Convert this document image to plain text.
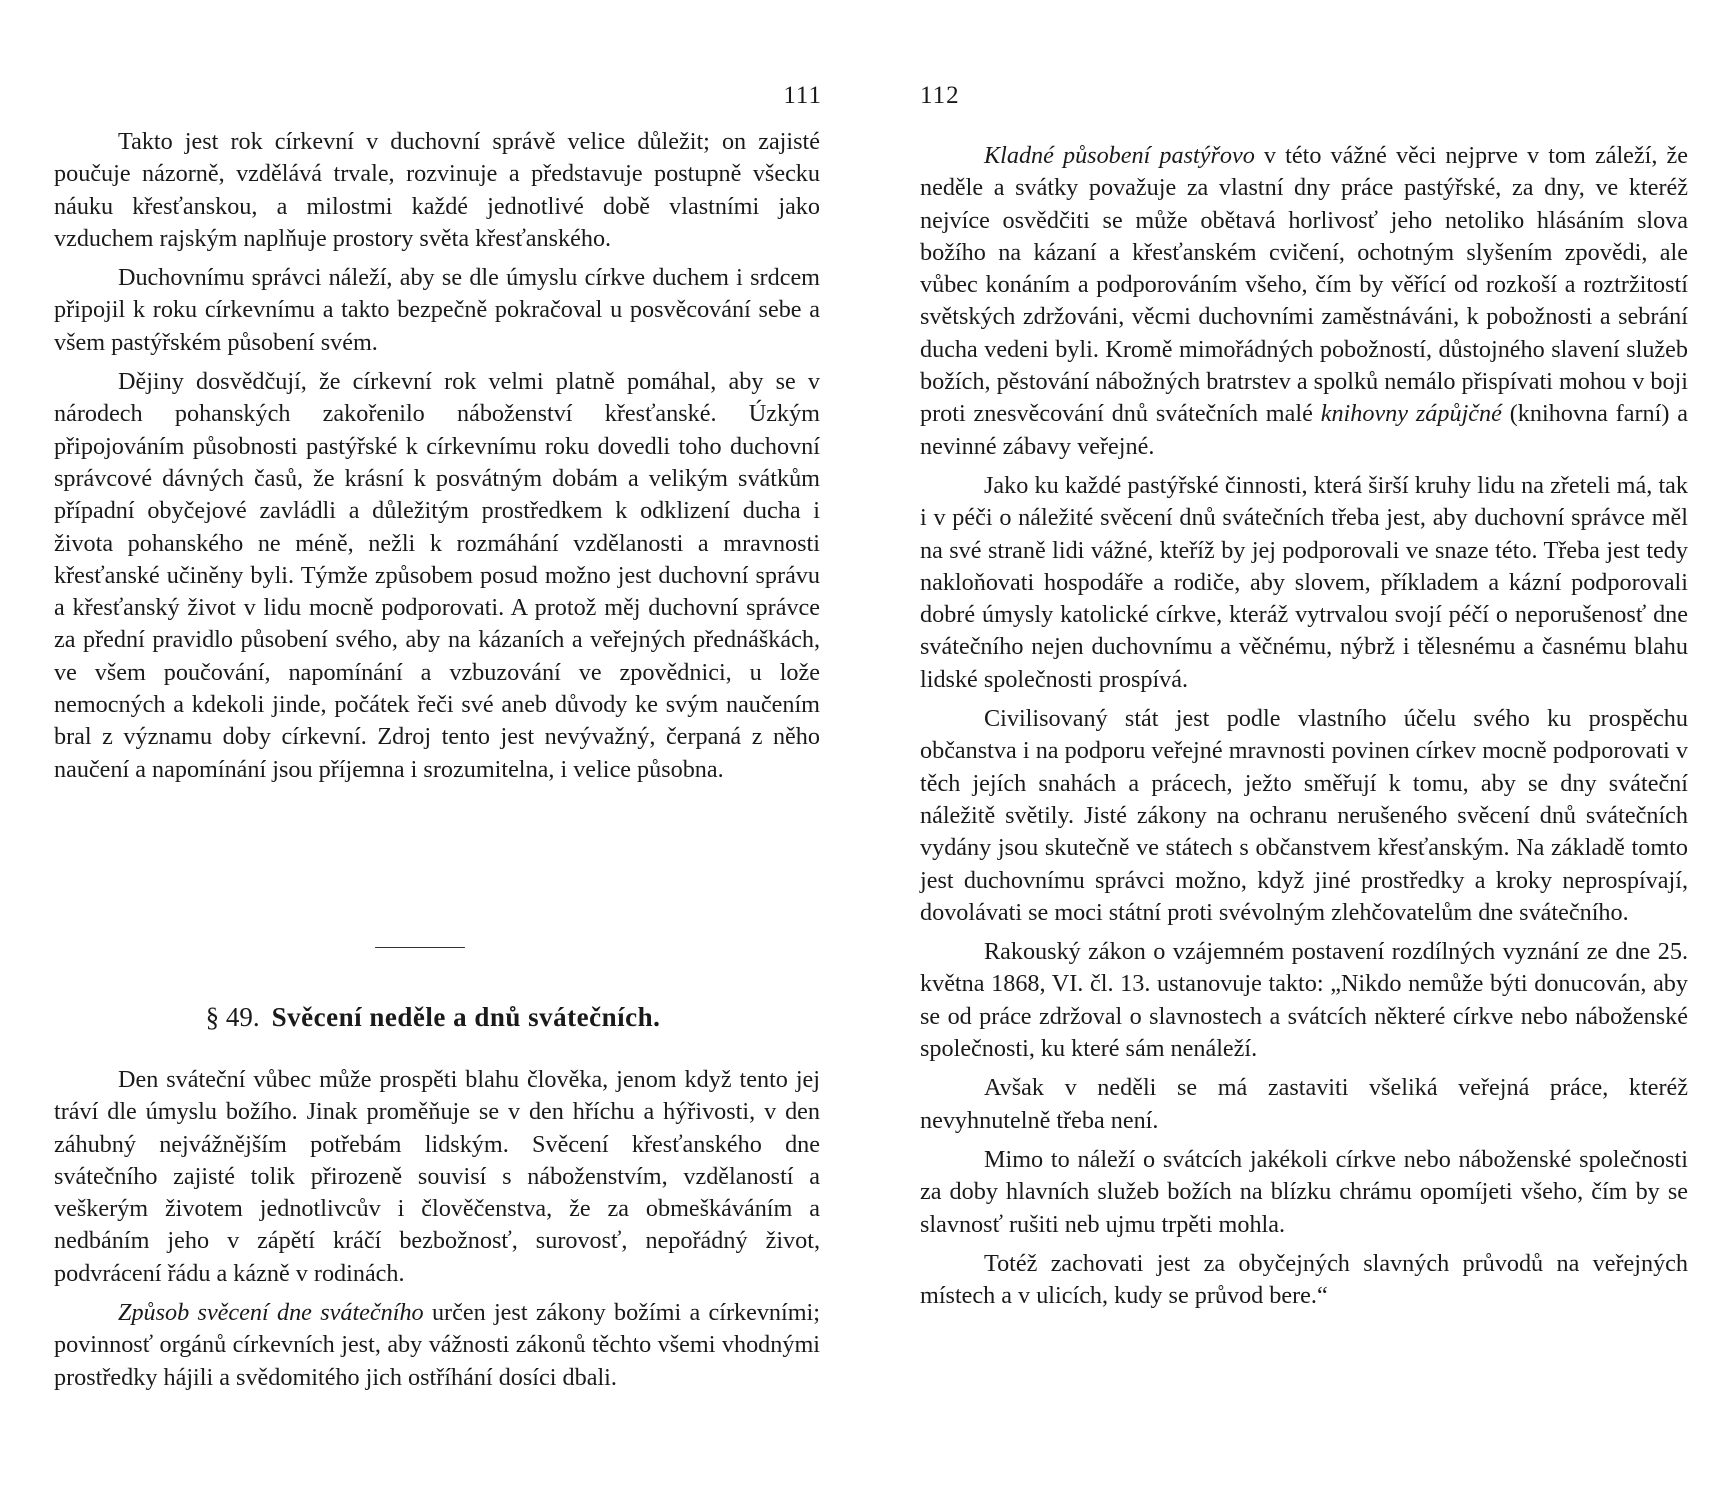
111

Takto jest rok církevní v duchovní správě velice důležit; on zajisté poučuje názorně, vzdělává trvale, rozvinuje a představuje postupně všecku náuku křesťanskou, a milostmi každé jednotlivé době vlastními jako vzduchem rajským naplňuje prostory světa křesťanského.

Duchovnímu správci náleží, aby se dle úmyslu církve duchem i srdcem připojil k roku církevnímu a takto bezpečně pokračoval u posvěcování sebe a všem pastýřském působení svém.

Dějiny dosvědčují, že církevní rok velmi platně pomáhal, aby se v národech pohanských zakořenilo náboženství křesťanské. Úzkým připojováním působnosti pastýřské k církevnímu roku dovedli toho duchovní správcové dávných časů, že krásní k posvátným dobám a velikým svátkům případní obyčejové zavládli a důležitým prostředkem k odklizení ducha i života pohanského ne méně, nežli k rozmáhání vzdělanosti a mravnosti křesťanské učiněny byli. Týmže způsobem posud možno jest duchovní správu a křesťanský život v lidu mocně podporovati. A protož měj duchovní správce za přední pravidlo působení svého, aby na kázaních a veřejných přednáškách, ve všem poučování, napomínání a vzbuzování ve zpovědnici, u lože nemocných a kdekoli jinde, počátek řeči své aneb důvody ke svým naučením bral z významu doby církevní. Zdroj tento jest nevývažný, čerpaná z něho naučení a napomínání jsou příjemna i srozumitelna, i velice působna.

§ 49. Svěcení neděle a dnů svátečních.

Den sváteční vůbec může prospěti blahu člověka, jenom když tento jej tráví dle úmyslu božího. Jinak proměňuje se v den hříchu a hýřivosti, v den záhubný nejvážnějším potřebám lidským. Svěcení křesťanského dne svátečního zajisté tolik přirozeně souvisí s náboženstvím, vzdělaností a veškerým životem jednotlivcův i člověčenstva, že za obmeškáváním a nedbáním jeho v zápětí kráčí bezbožnosť, surovosť, nepořádný život, podvrácení řádu a kázně v rodinách.

Způsob svěcení dne svátečního určen jest zákony božími a církevními; povinnosť orgánů církevních jest, aby vážnosti zákonů těchto všemi vhodnými prostředky hájili a svědomitého jich ostříhání dosíci dbali.

112

Kladné působení pastýřovo v této vážné věci nejprve v tom záleží, že neděle a svátky považuje za vlastní dny práce pastýřské, za dny, ve kteréž nejvíce osvědčiti se může obětavá horlivosť jeho netoliko hlásáním slova božího na kázaní a křesťanském cvičení, ochotným slyšením zpovědi, ale vůbec konáním a podporováním všeho, čím by věřící od rozkoší a roztržitostí světských zdržováni, věcmi duchovními zaměstnáváni, k pobožnosti a sebrání ducha vedeni byli. Kromě mimořádných pobožností, důstojného slavení služeb božích, pěstování nábožných bratrstev a spolků nemálo přispívati mohou v boji proti znesvěcování dnů svátečních malé knihovny zápůjčné (knihovna farní) a nevinné zábavy veřejné.

Jako ku každé pastýřské činnosti, která širší kruhy lidu na zřeteli má, tak i v péči o náležité svěcení dnů svátečních třeba jest, aby duchovní správce měl na své straně lidi vážné, kteříž by jej podporovali ve snaze této. Třeba jest tedy nakloňovati hospodáře a rodiče, aby slovem, příkladem a kázní podporovali dobré úmysly katolické církve, kteráž vytrvalou svojí péčí o neporušenosť dne svátečního nejen duchovnímu a věčnému, nýbrž i tělesnému a časnému blahu lidské společnosti prospívá.

Civilisovaný stát jest podle vlastního účelu svého ku prospěchu občanstva i na podporu veřejné mravnosti povinen církev mocně podporovati v těch jejích snahách a prácech, ježto směřují k tomu, aby se dny sváteční náležitě světily. Jisté zákony na ochranu nerušeného svěcení dnů svátečních vydány jsou skutečně ve státech s občanstvem křesťanským. Na základě tomto jest duchovnímu správci možno, když jiné prostředky a kroky neprospívají, dovolávati se moci státní proti svévolným zlehčovatelům dne svátečního.

Rakouský zákon o vzájemném postavení rozdílných vyznání ze dne 25. května 1868, VI. čl. 13. ustanovuje takto: „Nikdo nemůže býti donucován, aby se od práce zdržoval o slavnostech a svátcích některé církve nebo náboženské společnosti, ku které sám nenáleží.

Avšak v neděli se má zastaviti všeliká veřejná práce, kteréž nevyhnutelně třeba není.

Mimo to náleží o svátcích jakékoli církve nebo náboženské společnosti za doby hlavních služeb božích na blízku chrámu opomíjeti všeho, čím by se slavnosť rušiti neb ujmu trpěti mohla.

Totéž zachovati jest za obyčejných slavných průvodů na veřejných místech a v ulicích, kudy se průvod bere.“
